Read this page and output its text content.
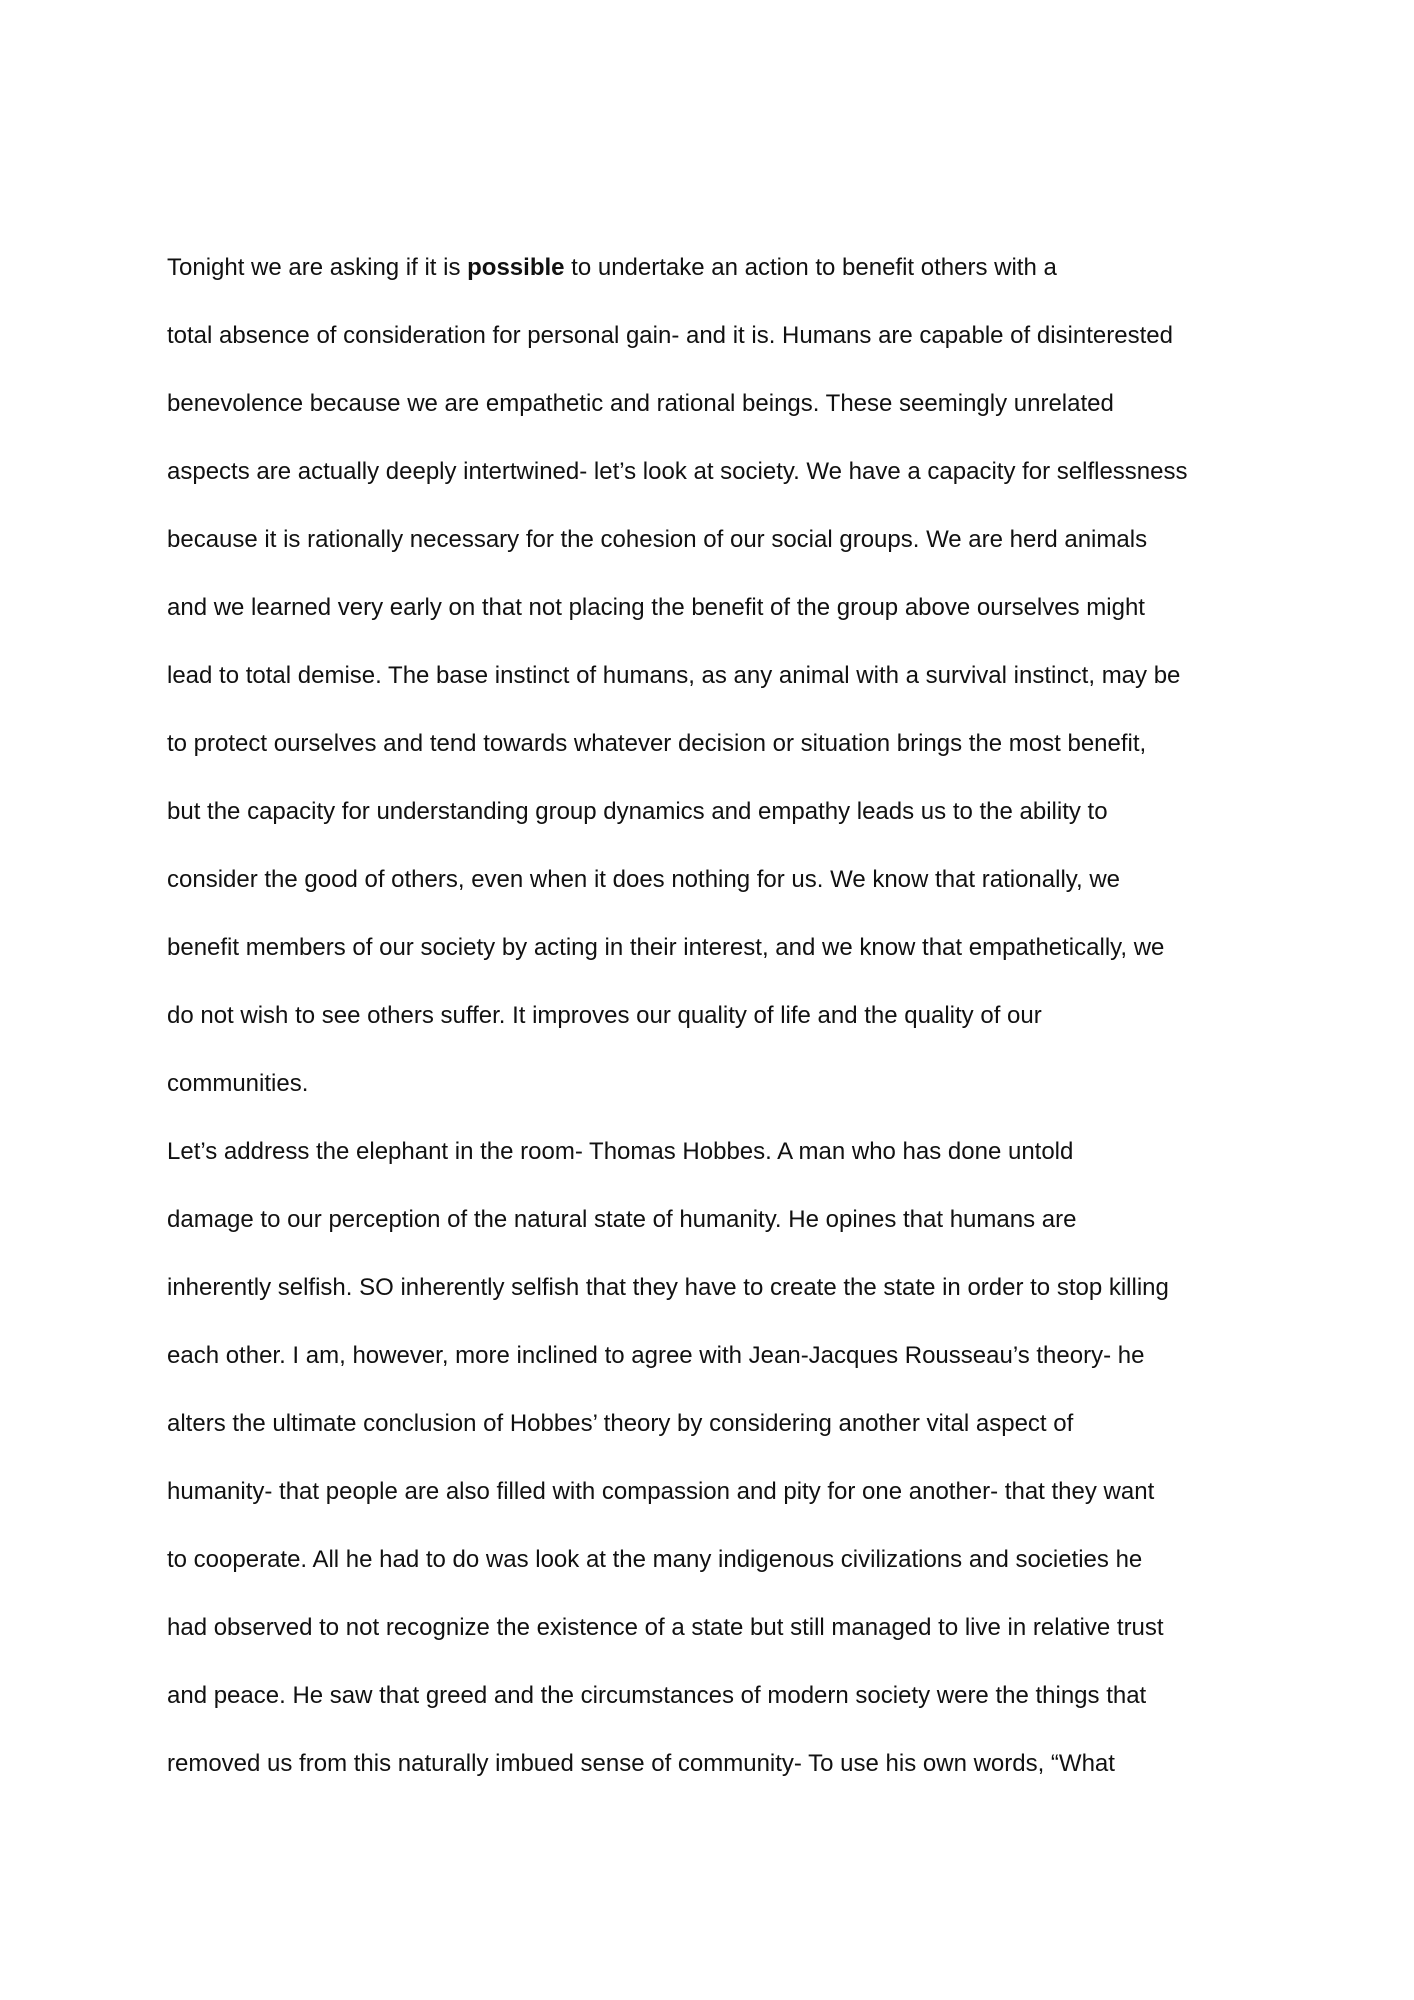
Tonight we are asking if it is possible to undertake an action to benefit others with a
total absence of consideration for personal gain- and it is. Humans are capable of disinterested
benevolence because we are empathetic and rational beings. These seemingly unrelated
aspects are actually deeply intertwined- let’s look at society. We have a capacity for selflessness
because it is rationally necessary for the cohesion of our social groups. We are herd animals
and we learned very early on that not placing the benefit of the group above ourselves might
lead to total demise. The base instinct of humans, as any animal with a survival instinct, may be
to protect ourselves and tend towards whatever decision or situation brings the most benefit,
but the capacity for understanding group dynamics and empathy leads us to the ability to
consider the good of others, even when it does nothing for us. We know that rationally, we
benefit members of our society by acting in their interest, and we know that empathetically, we
do not wish to see others suffer. It improves our quality of life and the quality of our
communities.
Let’s address the elephant in the room- Thomas Hobbes. A man who has done untold
damage to our perception of the natural state of humanity. He opines that humans are
inherently selfish. SO inherently selfish that they have to create the state in order to stop killing
each other. I am, however, more inclined to agree with Jean-Jacques Rousseau’s theory- he
alters the ultimate conclusion of Hobbes’ theory by considering another vital aspect of
humanity- that people are also filled with compassion and pity for one another- that they want
to cooperate. All he had to do was look at the many indigenous civilizations and societies he
had observed to not recognize the existence of a state but still managed to live in relative trust
and peace. He saw that greed and the circumstances of modern society were the things that
removed us from this naturally imbued sense of community- To use his own words, “What
